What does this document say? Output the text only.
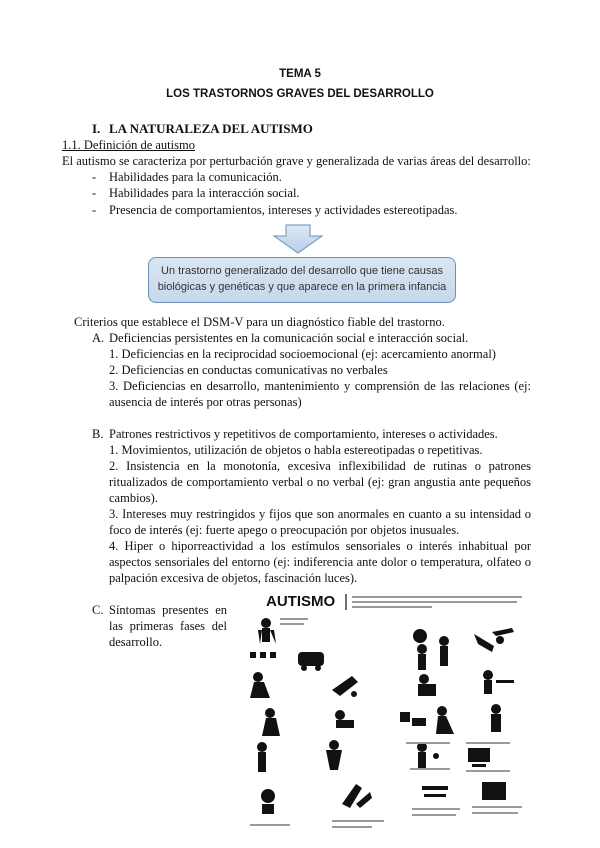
TEMA 5
LOS TRASTORNOS GRAVES DEL DESARROLLO
I. LA NATURALEZA DEL AUTISMO
1.1. Definición de autismo
El autismo se caracteriza por perturbación grave y generalizada de varias áreas del desarrollo:
- Habilidades para la comunicación.
- Habilidades para la interacción social.
- Presencia de comportamientos, intereses y actividades estereotipadas.
Un trastorno generalizado del desarrollo que tiene causas
biológicas y genéticas y que aparece en la primera infancia
Criterios que establece el DSM-V para un diagnóstico fiable del trastorno.
A. Deficiencias persistentes en la comunicación social e interacción social.
1. Deficiencias en la reciprocidad socioemocional (ej: acercamiento anormal)
2. Deficiencias en conductas comunicativas no verbales
3. Deficiencias en desarrollo, mantenimiento y comprensión de las relaciones (ej:
ausencia de interés por otras personas)
B. Patrones restrictivos y repetitivos de comportamiento, intereses o actividades.
1. Movimientos, utilización de objetos o habla estereotipadas o repetitivas.
2. Insistencia en la monotonía, excesiva inflexibilidad de rutinas o patrones
ritualizados de comportamiento verbal o no verbal (ej: gran angustia ante pequeños
cambios).
3. Intereses muy restringidos y fijos que son anormales en cuanto a su intensidad o
foco de interés (ej: fuerte apego o preocupación por objetos inusuales.
4. Hiper o hiporreactividad a los estímulos sensoriales o interés inhabitual por
aspectos sensoriales del entorno (ej: indiferencia ante dolor o temperatura, olfateo o
palpación excesiva de objetos, fascinación luces).
C. Síntomas presentes en
las primeras fases del
desarrollo.
AUTISMO
